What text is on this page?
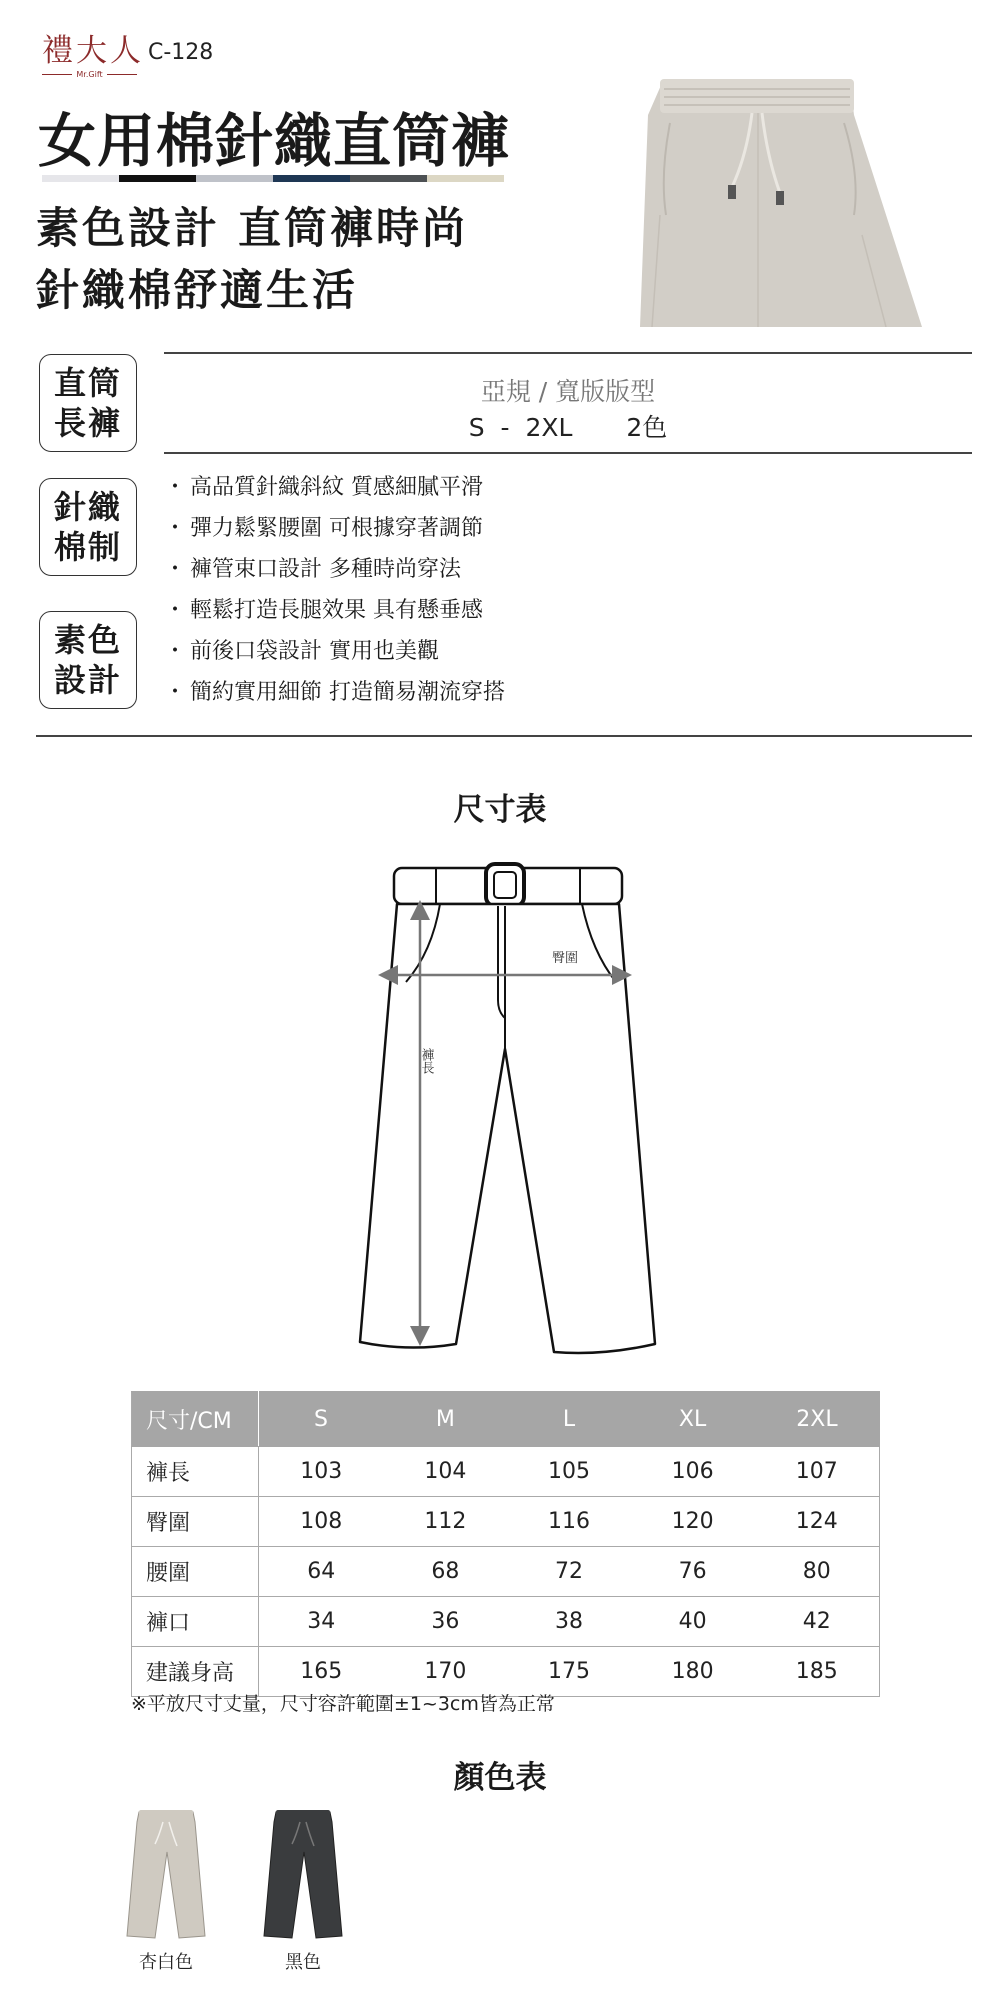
禮大人
Mr.Gift
C-128
女用棉針織直筒褲
素色設計 直筒褲時尚
針織棉舒適生活
直筒
長褲
針織
棉制
素色
設計
亞規 / 寬版版型
S - 2XL 2色
・ 高品質針織斜紋 質感細膩平滑
・ 彈力鬆緊腰圍 可根據穿著調節
・ 褲管束口設計 多種時尚穿法
・ 輕鬆打造長腿效果 具有懸垂感
・ 前後口袋設計 實用也美觀
・ 簡約實用細節 打造簡易潮流穿搭
尺寸表
臀圍
褲長
尺寸/CM	S	M	L	XL	2XL
褲長	103	104	105	106	107
臀圍	108	112	116	120	124
腰圍	64	68	72	76	80
褲口	34	36	38	40	42
建議身高	165	170	175	180	185
※平放尺寸丈量，尺寸容許範圍±1~3cm皆為正常
顏色表
杏白色	黑色
